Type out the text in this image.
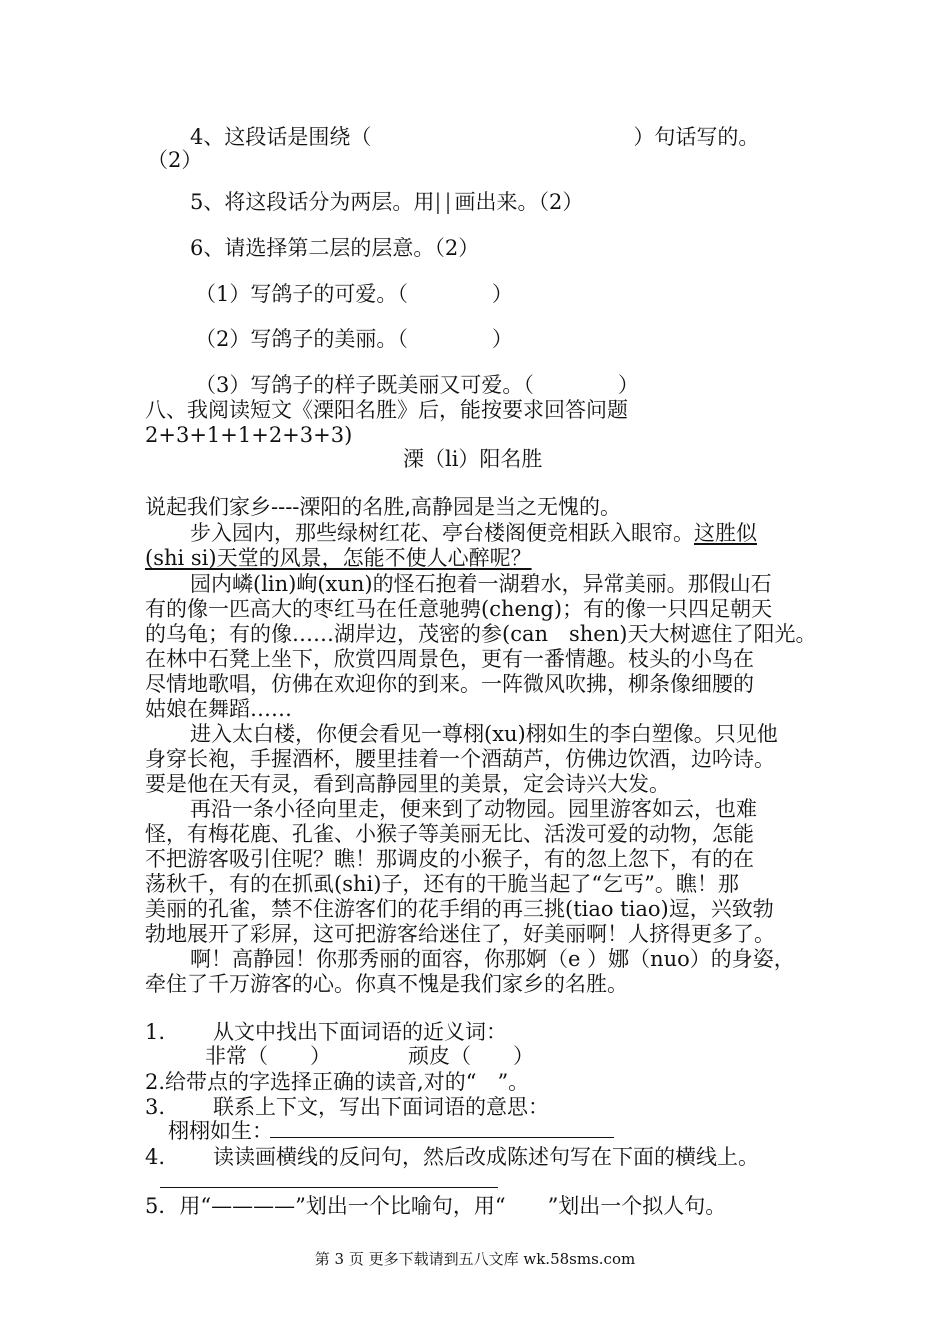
4、这段话是围绕（	）句话写的。
（2）
5、将这段话分为两层。用||画出来。（2）
6、请选择第二层的层意。（2）
（1）写鸽子的可爱。（　　　　）
（2）写鸽子的美丽。（　　　　）
（3）写鸽子的样子既美丽又可爱。（　　　　）
八、我阅读短文《溧阳名胜》后，能按要求回答问题
2+3+1+1+2+3+3)
溧（li）阳名胜
说起我们家乡----溧阳的名胜,高静园是当之无愧的。
步入园内，那些绿树红花、亭台楼阁便竞相跃入眼帘。这胜似
(shi si)天堂的风景，怎能不使人心醉呢？
园内嶙(lin)峋(xun)的怪石抱着一湖碧水，异常美丽。那假山石
有的像一匹高大的枣红马在任意驰骋(cheng)；有的像一只四足朝天
的乌龟；有的像……湖岸边，茂密的参(can　shen)天大树遮住了阳光。
在林中石凳上坐下，欣赏四周景色，更有一番情趣。枝头的小鸟在
尽情地歌唱，仿佛在欢迎你的到来。一阵微风吹拂，柳条像细腰的
姑娘在舞蹈……
进入太白楼，你便会看见一尊栩(xu)栩如生的李白塑像。只见他
身穿长袍，手握酒杯，腰里挂着一个酒葫芦，仿佛边饮酒，边吟诗。
要是他在天有灵，看到高静园里的美景，定会诗兴大发。
再沿一条小径向里走，便来到了动物园。园里游客如云，也难
怪，有梅花鹿、孔雀、小猴子等美丽无比、活泼可爱的动物，怎能
不把游客吸引住呢？瞧！那调皮的小猴子，有的忽上忽下，有的在
荡秋千，有的在抓虱(shi)子，还有的干脆当起了“乞丐”。瞧！那
美丽的孔雀，禁不住游客们的花手绢的再三挑(tiao tiao)逗，兴致勃
勃地展开了彩屏，这可把游客给迷住了，好美丽啊！人挤得更多了。
啊！高静园！你那秀丽的面容，你那婀（e ）娜（nuo）的身姿，
牵住了千万游客的心。你真不愧是我们家乡的名胜。
1. 从文中找出下面词语的近义词：
非常（　　）	顽皮（　　）
2.给带点的字选择正确的读音,对的“　”。
3. 联系上下文，写出下面词语的意思：
栩栩如生：
4. 读读画横线的反问句，然后改成陈述句写在下面的横线上。
5．用“————”划出一个比喻句，用“　　”划出一个拟人句。
第 3 页 更多下载请到五八文库 wk.58sms.com
